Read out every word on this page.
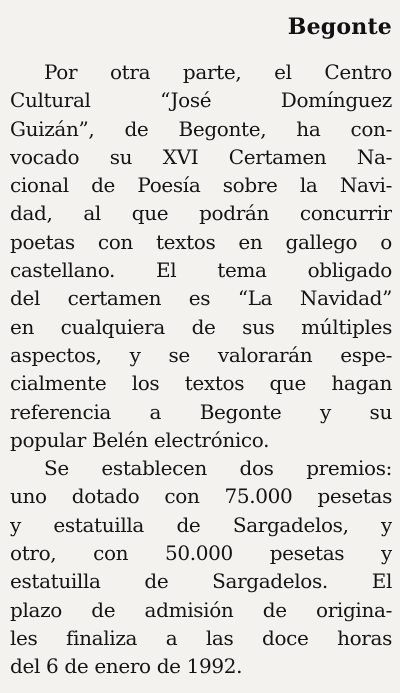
Begonte
Por otra parte, el Centro
Cultural “José Domínguez
Guizán”, de Begonte, ha con-
vocado su XVI Certamen Na-
cional de Poesía sobre la Navi-
dad, al que podrán concurrir
poetas con textos en gallego o
castellano. El tema obligado
del certamen es “La Navidad”
en cualquiera de sus múltiples
aspectos, y se valorarán espe-
cialmente los textos que hagan
referencia a Begonte y su
popular Belén electrónico.
Se establecen dos premios:
uno dotado con 75.000 pesetas
y estatuilla de Sargadelos, y
otro, con 50.000 pesetas y
estatuilla de Sargadelos. El
plazo de admisión de origina-
les finaliza a las doce horas
del 6 de enero de 1992.
